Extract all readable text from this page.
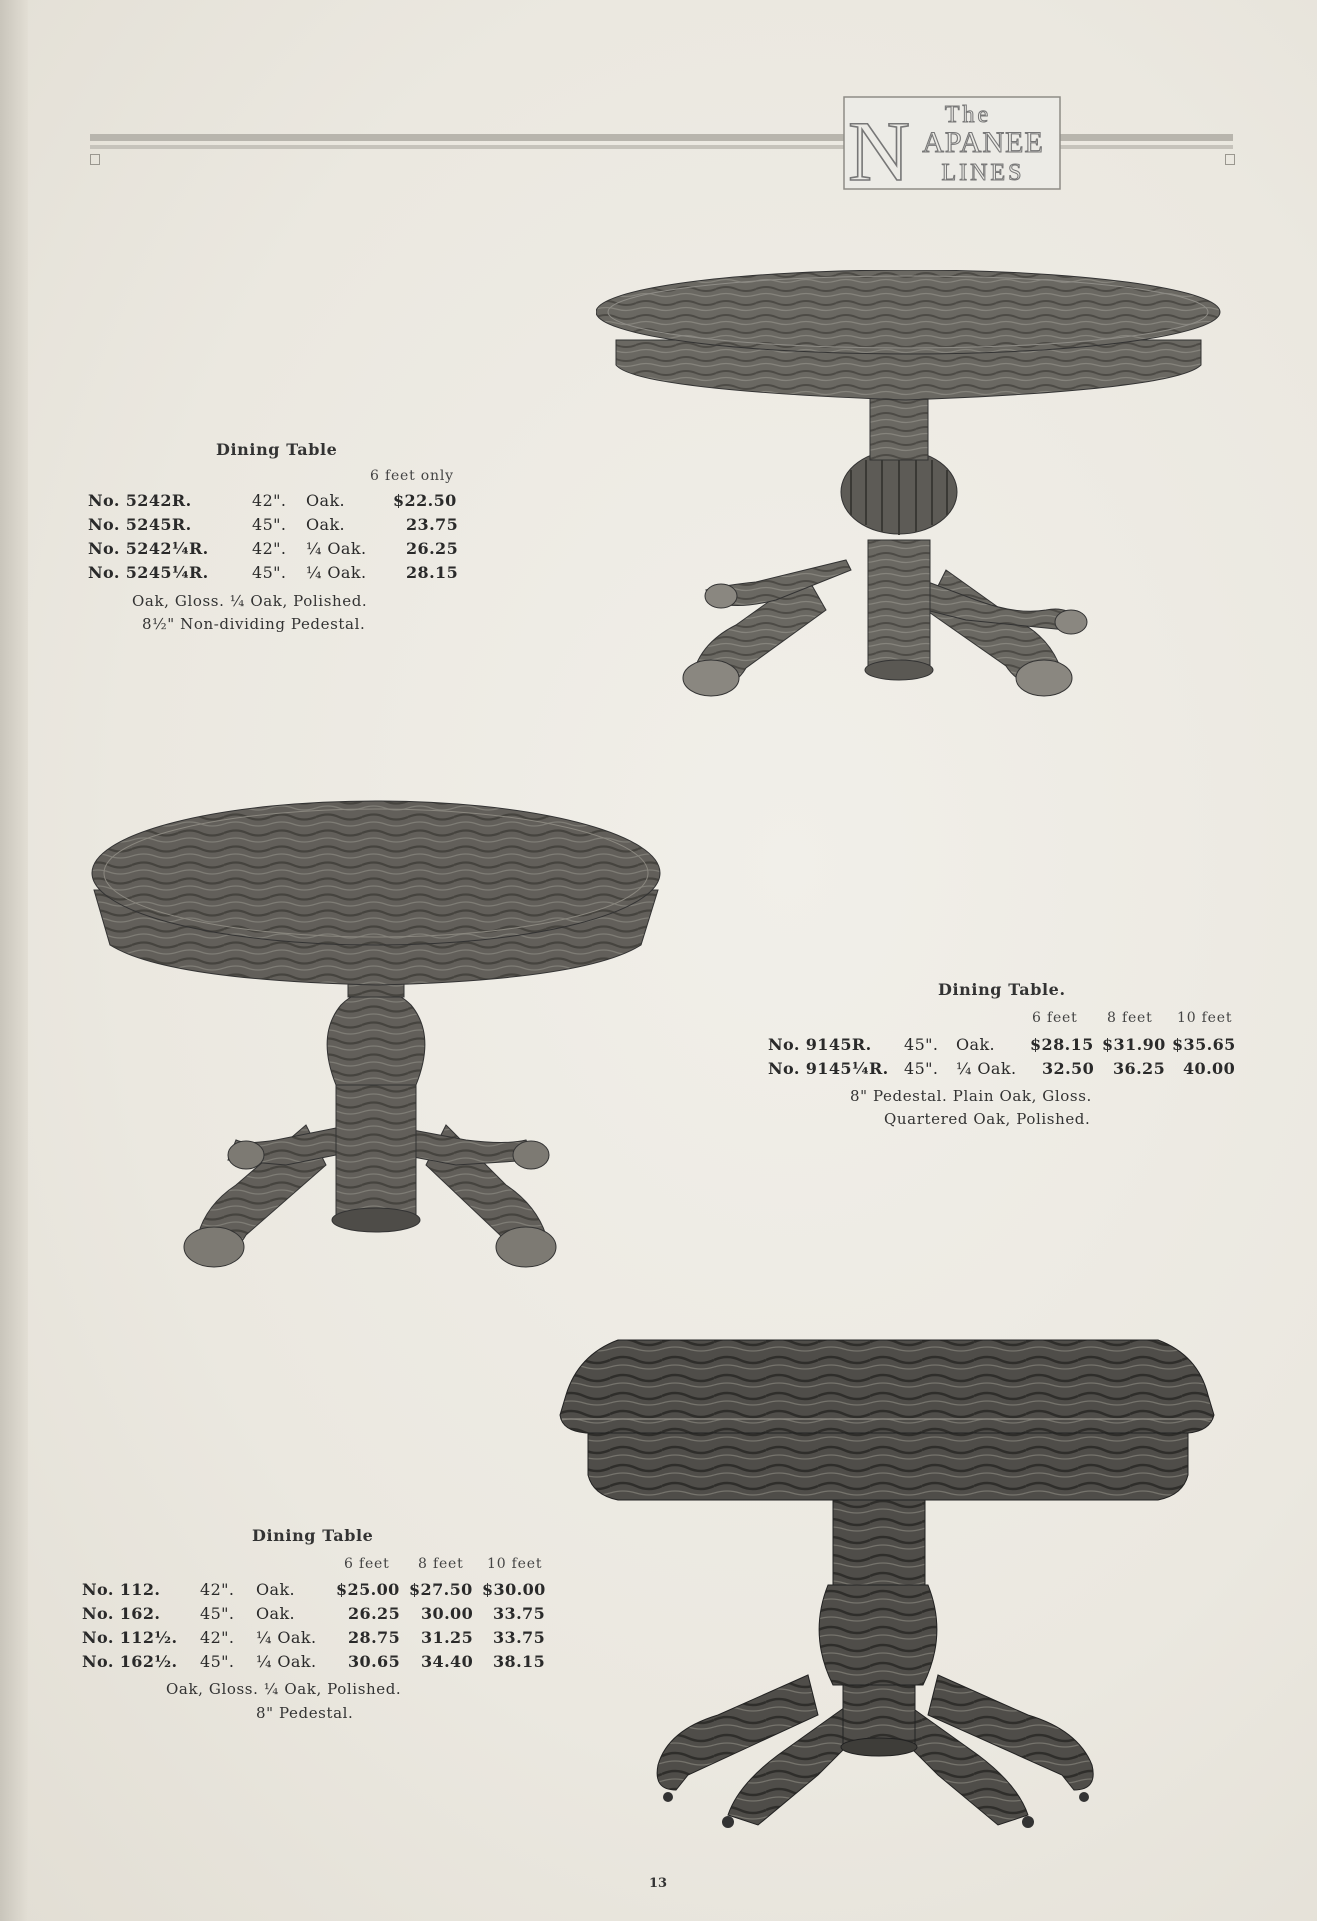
The
N APANEE
LINES
Dining Table
6 feet only
No. 5242R.	42". Oak.	$22.50
No. 5245R.	45". Oak.	23.75
No. 5242¼R.	42". ¼ Oak. 26.25
No. 5245¼R.	45". ¼ Oak. 28.15
Oak, Gloss. ¼ Oak, Polished.
8½" Non-dividing Pedestal.
Dining Table.
6 feet 8 feet 10 feet
No. 9145R. 45". Oak. $28.15 $31.90 $35.65
No. 9145¼R. 45". ¼ Oak. 32.50 36.25 40.00
8" Pedestal. Plain Oak, Gloss.
Quartered Oak, Polished.
Dining Table
6 feet 8 feet 10 feet
No. 112. 42". Oak.	$25.00 $27.50 $30.00
No. 162. 45". Oak.	26.25 30.00 33.75
No. 112½. 42". ¼ Oak. 28.75 31.25 33.75
No. 162½. 45". ¼ Oak. 30.65 34.40 38.15
Oak, Gloss. ¼ Oak, Polished.
8" Pedestal.
13
